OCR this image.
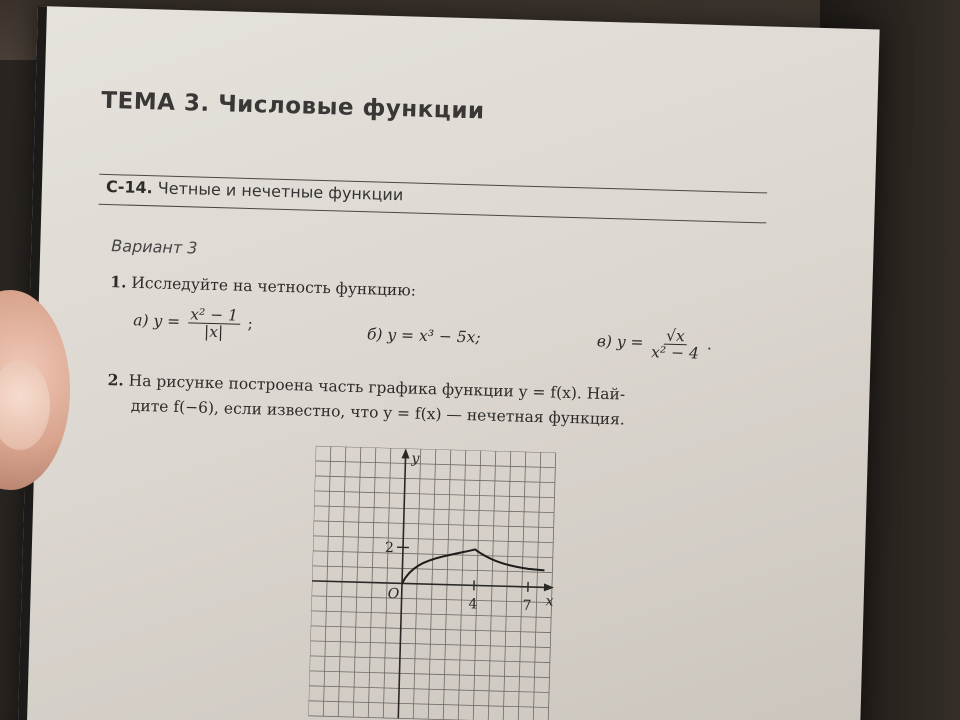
ТЕМА 3. Числовые функции
С-14. Четные и нечетные функции
Вариант 3
1. Исследуйте на четность функцию:
а) $y = \frac{\text{x² − 1}}{|x|}$ ;
б) y = x³ − 5x;	в) $y = \frac{√x}{\text{x² − 4}}$ .
2. На рисунке построена часть графика функции y = f(x). Най-
дите f(−6), если известно, что y = f(x) — нечетная функция.
y
x
O
2
4	7
